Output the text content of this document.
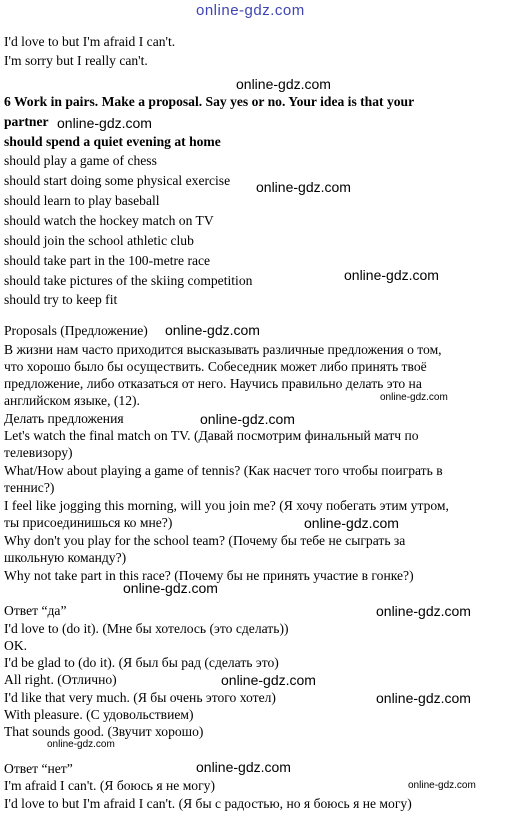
online-gdz.com
I'd love to but I'm afraid I can't.
I'm sorry but I really can't.
online-gdz.com
6 Work in pairs. Make a proposal. Say yes or no. Your idea is that your
partner online-gdz.com
should spend a quiet evening at home
should play a game of chess
should start doing some physical exercise online-gdz.com
should learn to play baseball
should watch the hockey match on TV
should join the school athletic club
should take part in the 100-metre race
online-gdz.com
should take pictures of the skiing competition
should try to keep fit
Proposals (Предложение) online-gdz.com
В жизни нам часто приходится высказывать различные предложения о том,
что хорошо было бы осуществить. Собеседник может либо принять твоё
предложение, либо отказаться от него. Научись правильно делать это на
online-gdz.com
английском языке, (12).
Делать предложения	online-gdz.com
Let's watch the final match on TV. (Давай посмотрим финальный матч по
телевизору)
What/How about playing a game of tennis? (Как насчет того чтобы поиграть в
теннис?)
I feel like jogging this morning, will you join me? (Я хочу побегать этим утром,
ты присоединишься ко мне?)	online-gdz.com
Why don't you play for the school team? (Почему бы тебе не сыграть за
школьную команду?)
Why not take part in this race? (Почему бы не принять участие в гонке?)
online-gdz.com
Ответ “да”	online-gdz.com
I'd love to (do it). (Мне бы хотелось (это сделать))
OK.
I'd be glad to (do it). (Я был бы рад (сделать это)
online-gdz.com
All right. (Отлично)
I'd like that very much. (Я бы очень этого хотел)	online-gdz.com
With pleasure. (С удовольствием)
That sounds good. (Звучит хорошо)
online-gdz.com
Ответ “нет”	online-gdz.com
I'm afraid I can't. (Я боюсь я не могу)	online-gdz.com
I'd love to but I'm afraid I can't. (Я бы с радостью, но я боюсь я не могу)
